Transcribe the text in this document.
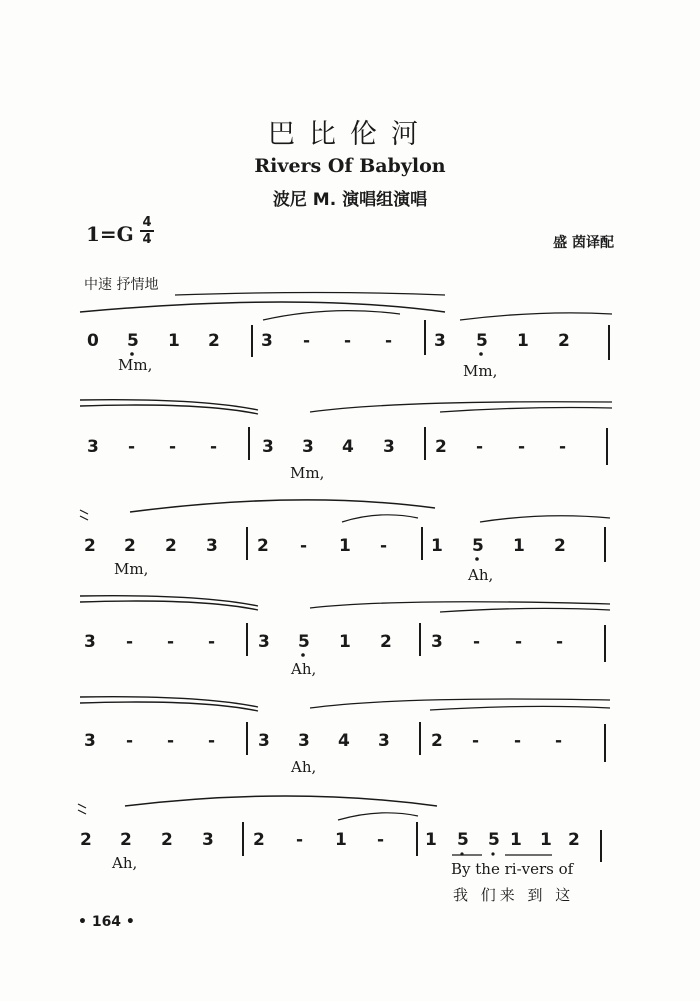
巴比伦河
Rivers Of Babylon
波尼 M. 演唱组演唱
1=G 4
4	盛 茵译配
中速 抒情地
0 5 1 2 3 - - - 3 5 1 2
Mm,	Mm,
3 - - -	3 3 4 3 2 - - -
Mm,
2 2 2 3 2 - 1 -	1 5 1 2
Mm,	Ah,
3 - - -	3 5 1 2 3 - - -
Ah,
3 - - -	3 3 4 3 2 - - -
Ah,
2 2 2 3 2 - 1 - 1 5 5 1 1 2
Ah,	By the ri-vers of
我 们来 到 这
• 164 •
